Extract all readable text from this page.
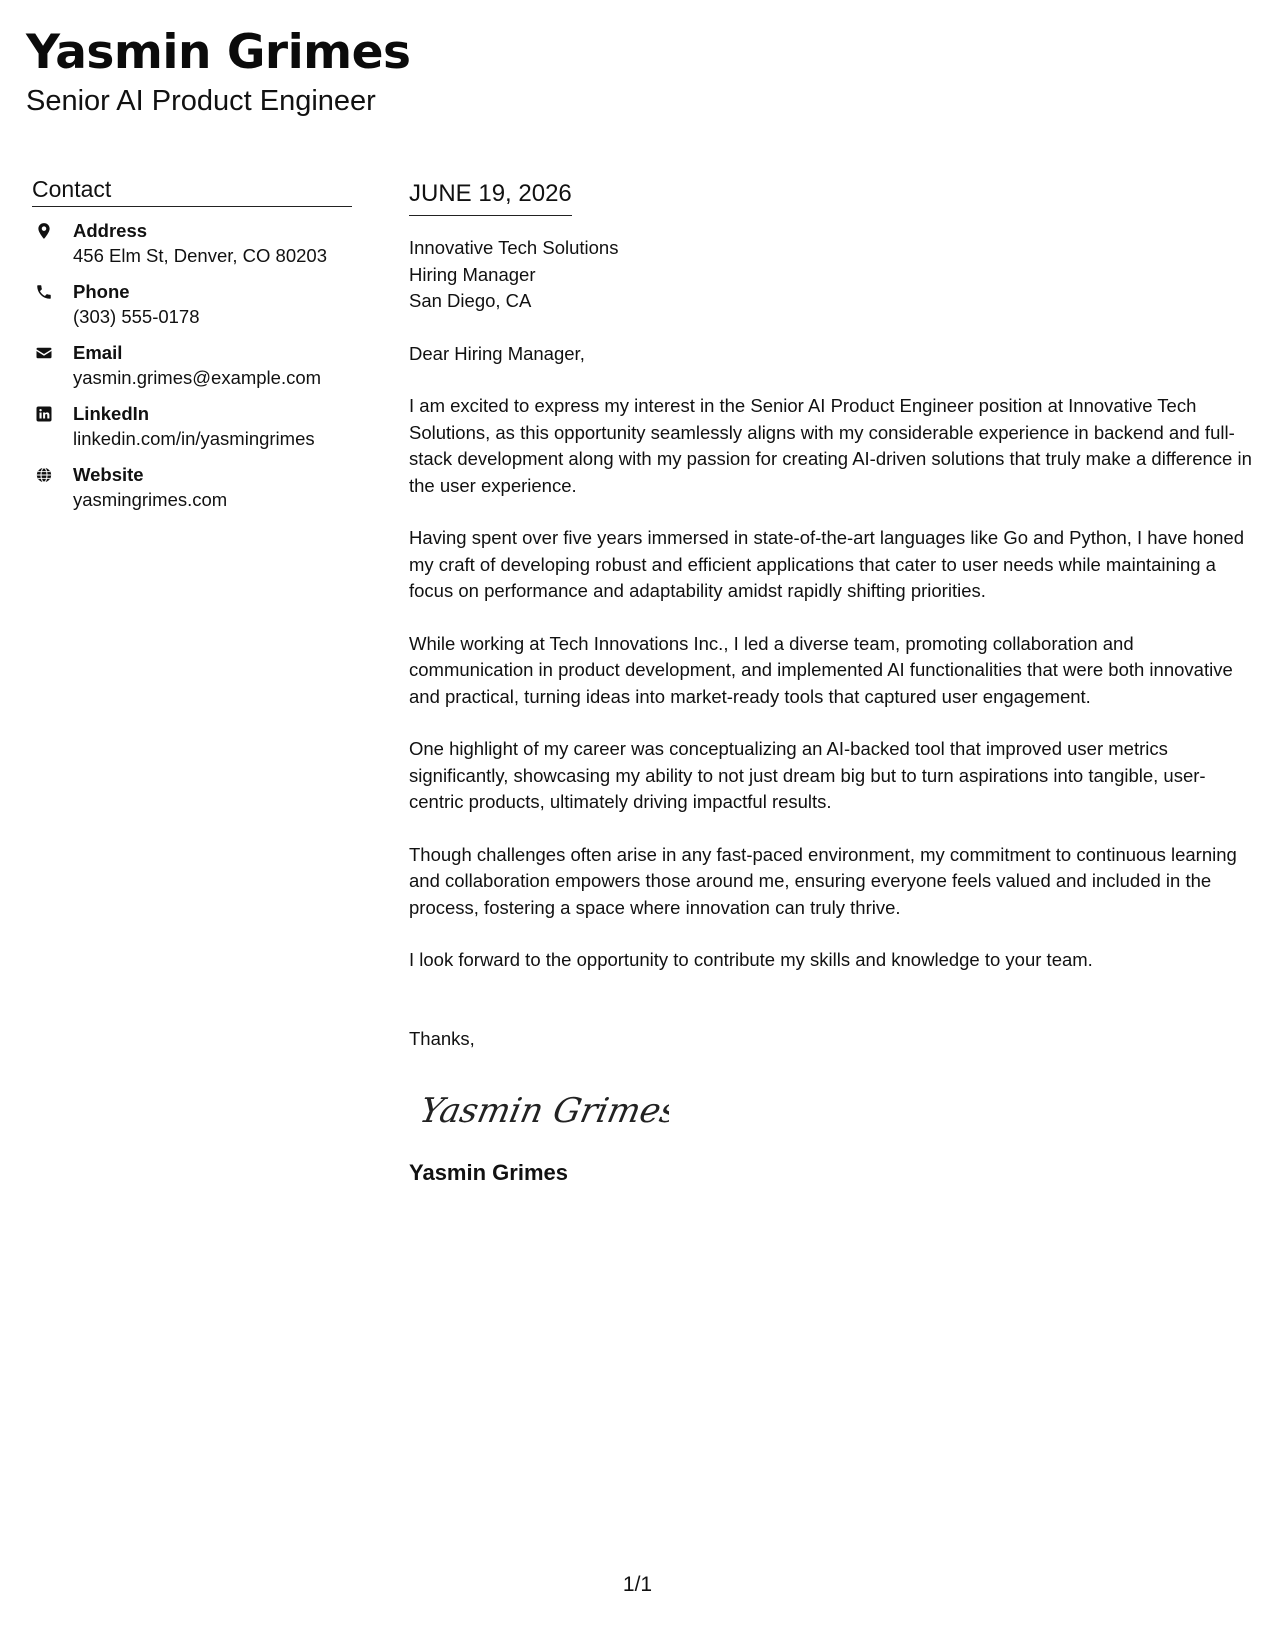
Yasmin Grimes

Senior AI Product Engineer

Contact
Address
456 Elm St, Denver, CO 80203
Phone
(303) 555-0178
Email
yasmin.grimes@example.com
LinkedIn
linkedin.com/in/yasmingrimes
Website
yasmingrimes.com
JUNE 19, 2026
Innovative Tech Solutions
Hiring Manager
San Diego, CA
Dear Hiring Manager,

I am excited to express my interest in the Senior AI Product Engineer position at Innovative Tech Solutions, as this opportunity seamlessly aligns with my considerable experience in backend and full-stack development along with my passion for creating AI-driven solutions that truly make a difference in the user experience.

Having spent over five years immersed in state-of-the-art languages like Go and Python, I have honed my craft of developing robust and efficient applications that cater to user needs while maintaining a focus on performance and adaptability amidst rapidly shifting priorities.

While working at Tech Innovations Inc., I led a diverse team, promoting collaboration and communication in product development, and implemented AI functionalities that were both innovative and practical, turning ideas into market-ready tools that captured user engagement.

One highlight of my career was conceptualizing an AI-backed tool that improved user metrics significantly, showcasing my ability to not just dream big but to turn aspirations into tangible, user-centric products, ultimately driving impactful results.

Though challenges often arise in any fast-paced environment, my commitment to continuous learning and collaboration empowers those around me, ensuring everyone feels valued and included in the process, fostering a space where innovation can truly thrive.

I look forward to the opportunity to contribute my skills and knowledge to your team.

Thanks,
Yasmin Grimes
Yasmin Grimes
1/1
